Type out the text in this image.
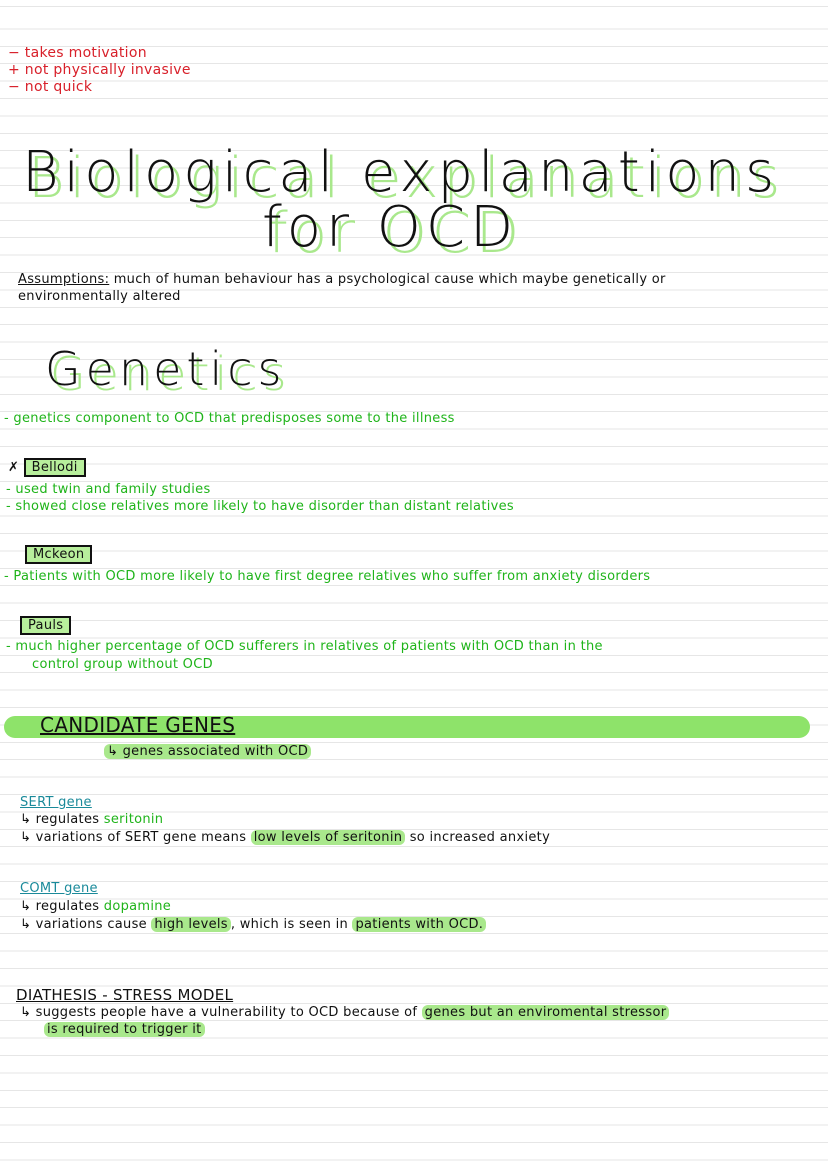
− takes motivation
+ not physically invasive
− not quick
Biological explanations
for OCD
Assumptions: much of human behaviour has a psychological cause which maybe genetically or
environmentally altered
Genetics
- genetics component to OCD that predisposes some to the illness
✗ Bellodi
- used twin and family studies
- showed close relatives more likely to have disorder than distant relatives
Mckeon
- Patients with OCD more likely to have first degree relatives who suffer from anxiety disorders
Pauls
- much higher percentage of OCD sufferers in relatives of patients with OCD than in the
control group without OCD
CANDIDATE GENES
↳ genes associated with OCD
SERT gene
↳ regulates seritonin
↳ variations of SERT gene means low levels of seritonin so increased anxiety
COMT gene
↳ regulates dopamine
↳ variations cause high levels , which is seen in patients with OCD.
DIATHESIS - STRESS MODEL
↳ suggests people have a vulnerability to OCD because of genes but an enviromental stressor
is required to trigger it
